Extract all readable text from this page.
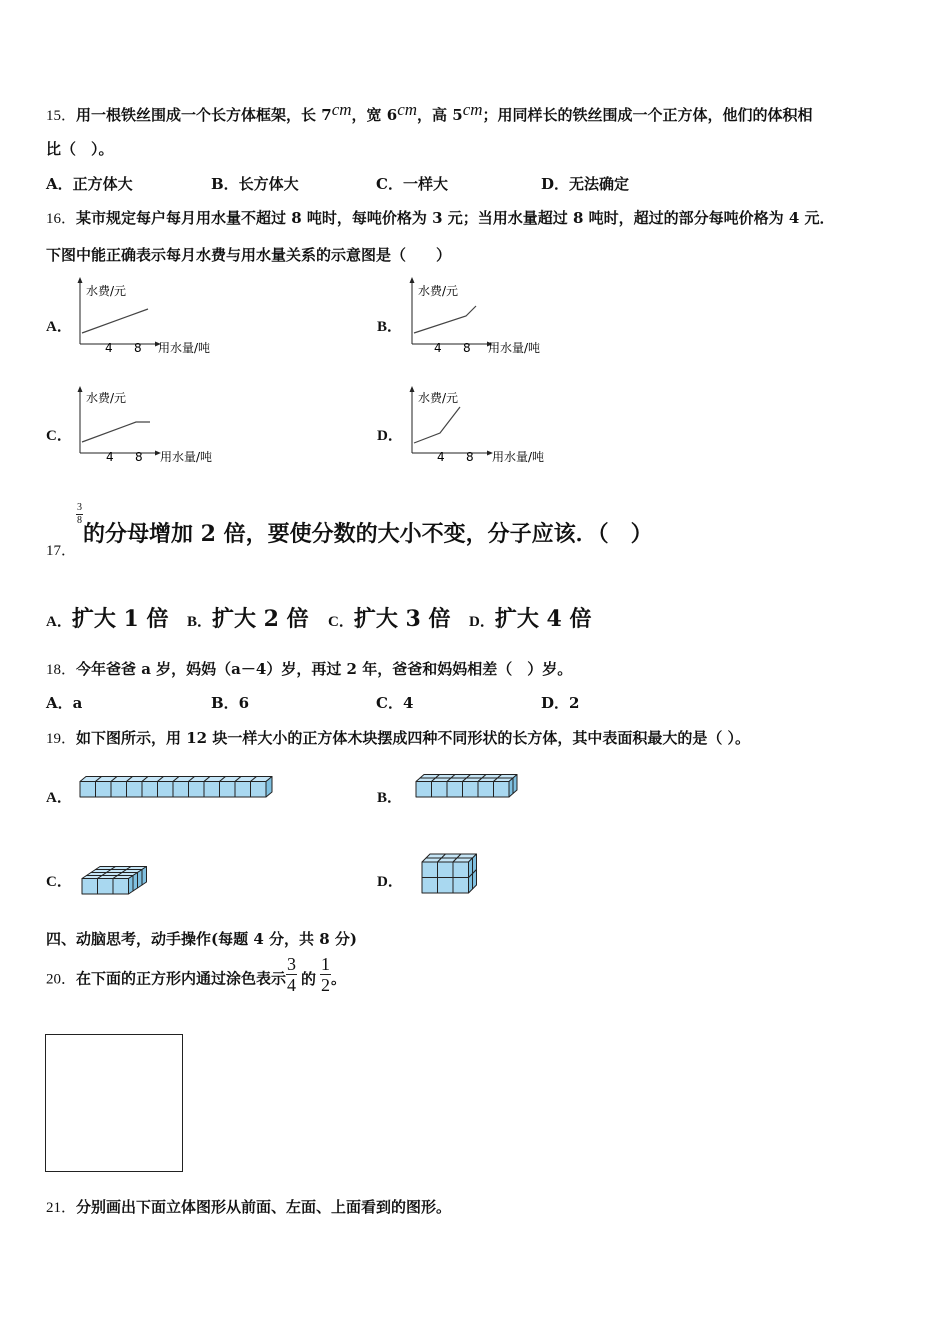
15．用一根铁丝围成一个长方体框架，长 7cm，宽 6cm，高 5cm；用同样长的铁丝围成一个正方体，他们的体积相
比（　）。
A．正方体大	B．长方体大	C．一样大	D．无法确定
16．某市规定每户每月用水量不超过 8 吨时，每吨价格为 3 元；当用水量超过 8 吨时，超过的部分每吨价格为 4 元．
下图中能正确表示每月水费与用水量关系的示意图是（　　）
A．
水费/元
4 8 用水量/吨
B．
水费/元
4 8 用水量/吨
C．
水费/元
4 8 用水量/吨
D．
水费/元
4 8 用水量/吨
17．
$\frac{3}{8}$
的分母增加 2 倍，要使分数的大小不变，分子应该．（　）
A．扩大 1 倍 B．扩大 2 倍 C．扩大 3 倍 D．扩大 4 倍
18．今年爸爸 a 岁，妈妈（a－4）岁，再过 2 年，爸爸和妈妈相差（　）岁。
A．a	B．6	C．4	D．2
19．如下图所示，用 12 块一样大小的正方体木块摆成四种不同形状的长方体，其中表面积最大的是（ ）。
A．	B．
C．	D．
四、动脑思考，动手操作(每题 4 分，共 8 分)
20．在下面的正方形内通过涂色表示 $\frac{3}{4}$ 的 $\frac{1}{2}$ 。
21．分别画出下面立体图形从前面、左面、上面看到的图形。
